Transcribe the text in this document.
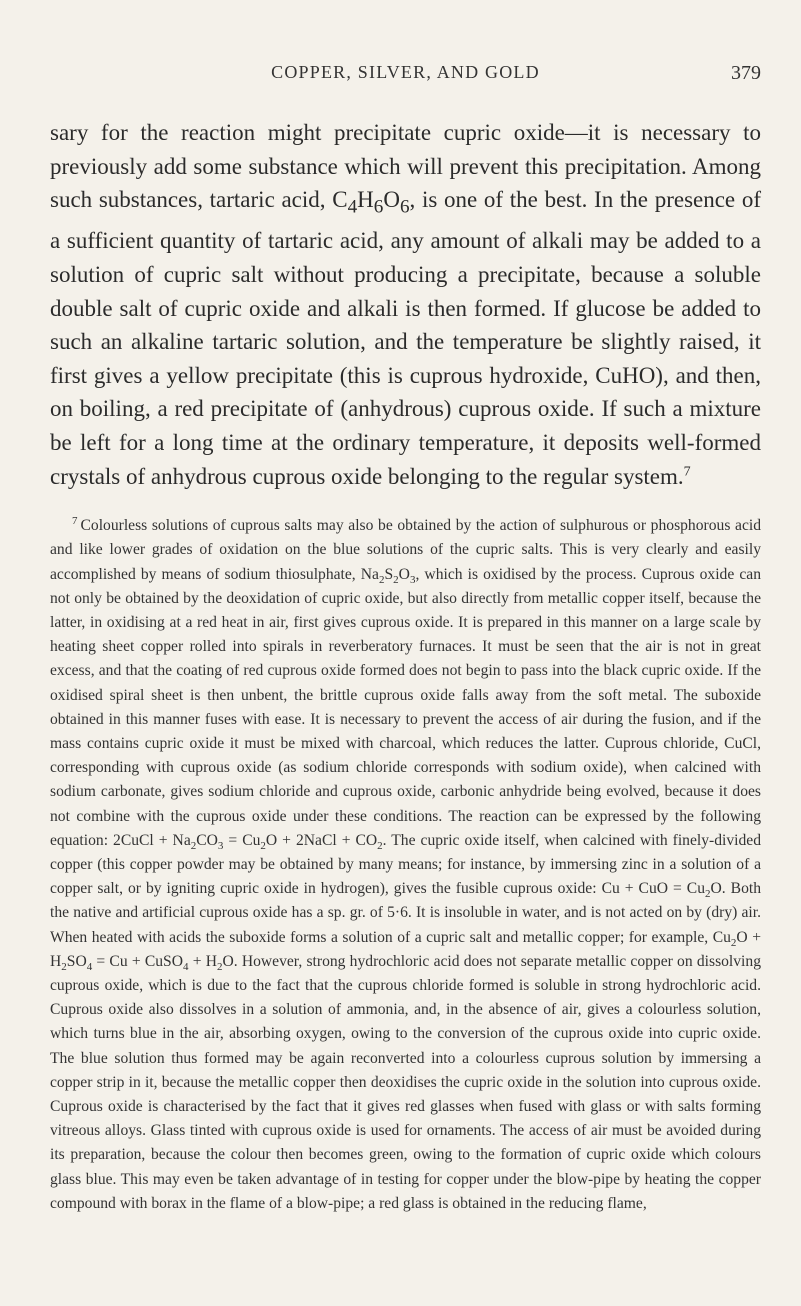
COPPER, SILVER, AND GOLD	379

sary for the reaction might precipitate cupric oxide—it is necessary to previously add some substance which will prevent this precipitation. Among such substances, tartaric acid, $C_4H_6O_6$, is one of the best. In the presence of a sufficient quantity of tartaric acid, any amount of alkali may be added to a solution of cupric salt without producing a precipitate, because a soluble double salt of cupric oxide and alkali is then formed. If glucose be added to such an alkaline tartaric solution, and the temperature be slightly raised, it first gives a yellow precipitate (this is cuprous hydroxide, CuHO), and then, on boiling, a red precipitate of (anhydrous) cuprous oxide. If such a mixture be left for a long time at the ordinary temperature, it deposits well-formed crystals of anhydrous cuprous oxide belonging to the regular system.$^7$

$^7$ Colourless solutions of cuprous salts may also be obtained by the action of sulphurous or phosphorous acid and like lower grades of oxidation on the blue solutions of the cupric salts. This is very clearly and easily accomplished by means of sodium thiosulphate, $Na_2S_2O_3$, which is oxidised by the process. Cuprous oxide can not only be obtained by the deoxidation of cupric oxide, but also directly from metallic copper itself, because the latter, in oxidising at a red heat in air, first gives cuprous oxide. It is prepared in this manner on a large scale by heating sheet copper rolled into spirals in reverberatory furnaces. It must be seen that the air is not in great excess, and that the coating of red cuprous oxide formed does not begin to pass into the black cupric oxide. If the oxidised spiral sheet is then unbent, the brittle cuprous oxide falls away from the soft metal. The suboxide obtained in this manner fuses with ease. It is necessary to prevent the access of air during the fusion, and if the mass contains cupric oxide it must be mixed with charcoal, which reduces the latter. Cuprous chloride, CuCl, corresponding with cuprous oxide (as sodium chloride corresponds with sodium oxide), when calcined with sodium carbonate, gives sodium chloride and cuprous oxide, carbonic anhydride being evolved, because it does not combine with the cuprous oxide under these conditions. The reaction can be expressed by the following equation: 2CuCl + $Na_2CO_3 = Cu_2O$ + 2NaCl + $CO_2$. The cupric oxide itself, when calcined with finely-divided copper (this copper powder may be obtained by many means; for instance, by immersing zinc in a solution of a copper salt, or by igniting cupric oxide in hydrogen), gives the fusible cuprous oxide: Cu + CuO = $Cu_2O$. Both the native and artificial cuprous oxide has a sp. gr. of 5·6. It is insoluble in water, and is not acted on by (dry) air. When heated with acids the suboxide forms a solution of a cupric salt and metallic copper; for example, $Cu_2O + H_2SO_4 = Cu$ + CuSO$_4$ + $H_2O$. However, strong hydrochloric acid does not separate metallic copper on dissolving cuprous oxide, which is due to the fact that the cuprous chloride formed is soluble in strong hydrochloric acid. Cuprous oxide also dissolves in a solution of ammonia, and, in the absence of air, gives a colourless solution, which turns blue in the air, absorbing oxygen, owing to the conversion of the cuprous oxide into cupric oxide. The blue solution thus formed may be again reconverted into a colourless cuprous solution by immersing a copper strip in it, because the metallic copper then deoxidises the cupric oxide in the solution into cuprous oxide. Cuprous oxide is characterised by the fact that it gives red glasses when fused with glass or with salts forming vitreous alloys. Glass tinted with cuprous oxide is used for ornaments. The access of air must be avoided during its preparation, because the colour then becomes green, owing to the formation of cupric oxide which colours glass blue. This may even be taken advantage of in testing for copper under the blow-pipe by heating the copper compound with borax in the flame of a blow-pipe; a red glass is obtained in the reducing flame,
